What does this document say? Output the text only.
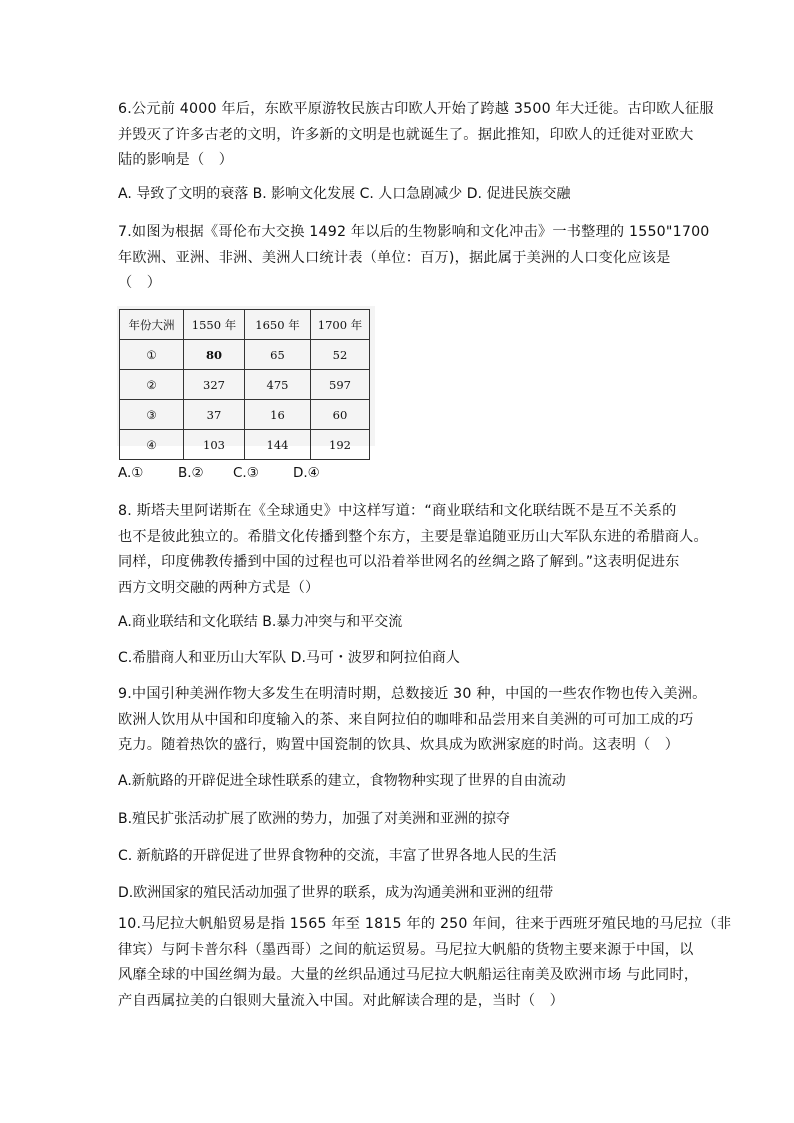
6.公元前 4000 年后，东欧平原游牧民族古印欧人开始了跨越 3500 年大迁徙。古印欧人征服
并毁灭了许多古老的文明，许多新的文明是也就诞生了。据此推知，印欧人的迁徙对亚欧大
陆的影响是（　）
A. 导致了文明的衰落 B. 影响文化发展 C. 人口急剧减少 D. 促进民族交融
7.如图为根据《哥伦布大交换 1492 年以后的生物影响和文化冲击》一书整理的 1550"1700
年欧洲、亚洲、非洲、美洲人口统计表（单位：百万)，据此属于美洲的人口变化应该是
（　）
年份大洲	1550 年	1650 年	1700 年
①	80	65	52
②	327	475	597
③	37	16	60
④	103	144	192
A.①	B.② C.③	D.④
8. 斯塔夫里阿诺斯在《全球通史》中这样写道：“商业联结和文化联结既不是互不关系的
也不是彼此独立的。希腊文化传播到整个东方，主要是靠追随亚历山大军队东进的希腊商人。
同样，印度佛教传播到中国的过程也可以沿着举世网名的丝绸之路了解到。”这表明促进东
西方文明交融的两种方式是（）
A.商业联结和文化联结 B.暴力冲突与和平交流
C.希腊商人和亚历山大军队 D.马可・波罗和阿拉伯商人
9.中国引种美洲作物大多发生在明清时期，总数接近 30 种，中国的一些农作物也传入美洲。
欧洲人饮用从中国和印度输入的茶、来自阿拉伯的咖啡和品尝用来自美洲的可可加工成的巧
克力。随着热饮的盛行，购置中国瓷制的饮具、炊具成为欧洲家庭的时尚。这表明（　）
A.新航路的开辟促进全球性联系的建立，食物物种实现了世界的自由流动
B.殖民扩张活动扩展了欧洲的势力，加强了对美洲和亚洲的掠夺
C. 新航路的开辟促进了世界食物种的交流，丰富了世界各地人民的生活
D.欧洲国家的殖民活动加强了世界的联系，成为沟通美洲和亚洲的纽带
10.马尼拉大帆船贸易是指 1565 年至 1815 年的 250 年间，往来于西班牙殖民地的马尼拉（非
律宾）与阿卡普尔科（墨西哥）之间的航运贸易。马尼拉大帆船的货物主要来源于中国，以
风靡全球的中国丝绸为最。大量的丝织品通过马尼拉大帆船运往南美及欧洲市场 与此同时，
产自西属拉美的白银则大量流入中国。对此解读合理的是，当时（　）
